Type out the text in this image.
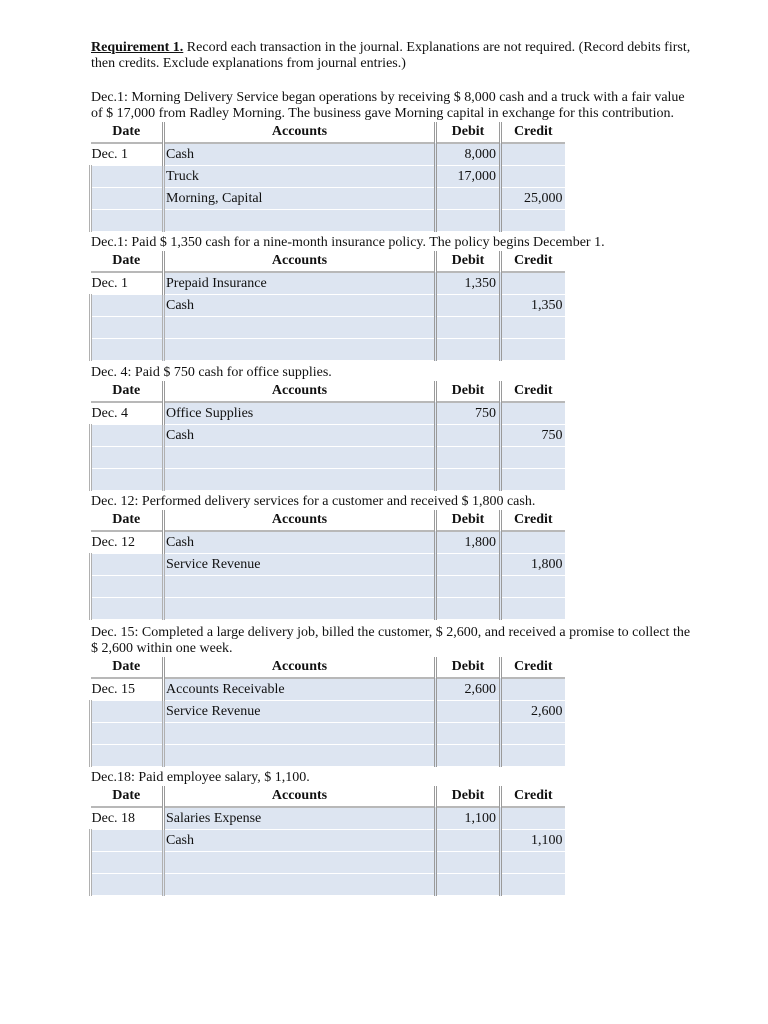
Requirement 1. Record each transaction in the journal. Explanations are not required. (Record debits first, then credits. Exclude explanations from journal entries.)
Dec.1: Morning Delivery Service began operations by receiving $ 8,000 cash and a truck with a fair value of $ 17,000 from Radley Morning. The business gave Morning capital in exchange for this contribution.
Date	Accounts	Debit	Credit
Dec. 1	Cash	8,000	
	Truck	17,000	
	Morning, Capital		25,000

Dec.1: Paid $ 1,350 cash for a nine-month insurance policy. The policy begins December 1.
Date	Accounts	Debit	Credit
Dec. 1	Prepaid Insurance	1,350	
	Cash		1,350

Dec. 4: Paid $ 750 cash for office supplies.
Date	Accounts	Debit	Credit
Dec. 4	Office Supplies	750	
	Cash		750

Dec. 12: Performed delivery services for a customer and received $ 1,800 cash.
Date	Accounts	Debit	Credit
Dec. 12	Cash	1,800	
	Service Revenue		1,800

Dec. 15: Completed a large delivery job, billed the customer, $ 2,600, and received a promise to collect the $ 2,600 within one week.
Date	Accounts	Debit	Credit
Dec. 15	Accounts Receivable	2,600	
	Service Revenue		2,600

Dec.18: Paid employee salary, $ 1,100.
Date	Accounts	Debit	Credit
Dec. 18	Salaries Expense	1,100	
	Cash		1,100
